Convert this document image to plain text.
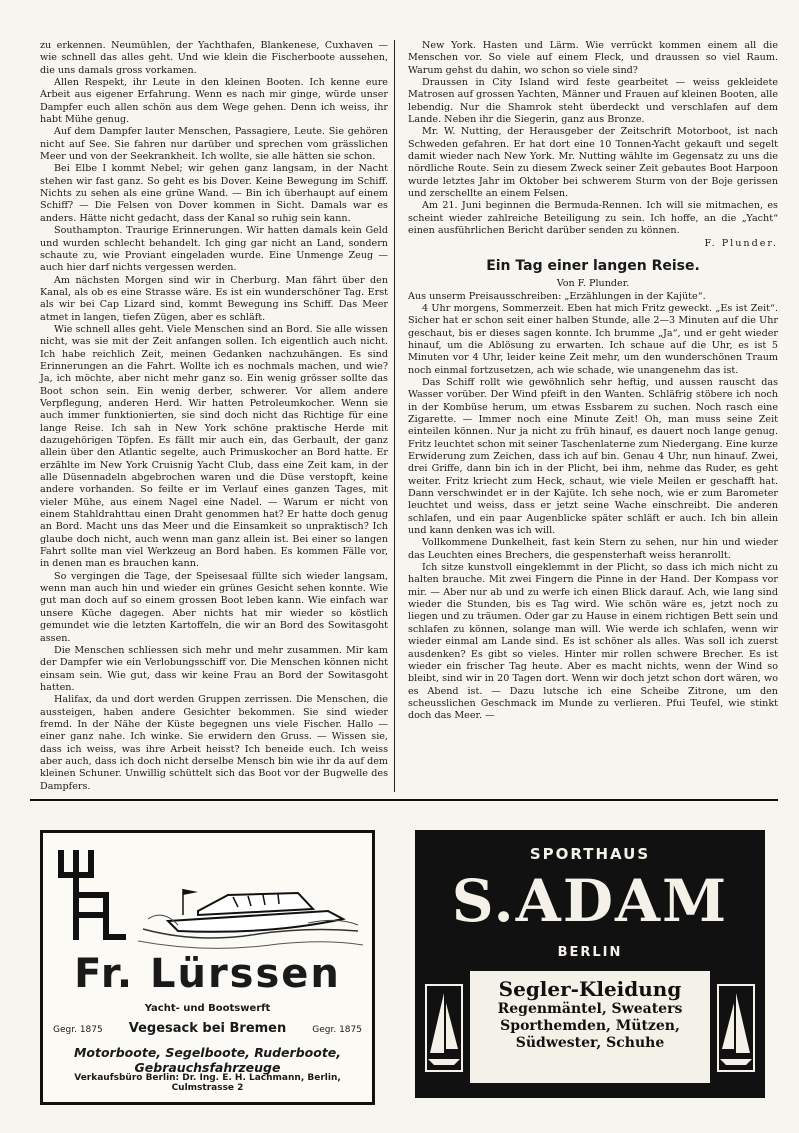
zu erkennen. Neumühlen, der Yachthafen, Blankenese, Cuxhaven — wie schnell das alles geht. Und wie klein die Fischerboote aussehen, die uns damals gross vorkamen.

Allen Respekt, ihr Leute in den kleinen Booten. Ich kenne eure Arbeit aus eigener Erfahrung. Wenn es nach mir ginge, würde unser Dampfer euch allen schön aus dem Wege gehen. Denn ich weiss, ihr habt Mühe genug.

Auf dem Dampfer lauter Menschen, Passagiere, Leute. Sie gehören nicht auf See. Sie fahren nur darüber und sprechen vom grässlichen Meer und von der Seekrankheit. Ich wollte, sie alle hätten sie schon.

Bei Elbe I kommt Nebel; wir gehen ganz langsam, in der Nacht stehen wir fast ganz. So geht es bis Dover. Keine Bewegung im Schiff. Nichts zu sehen als eine grüne Wand. — Bin ich überhaupt auf einem Schiff? — Die Felsen von Dover kommen in Sicht. Damals war es anders. Hätte nicht gedacht, dass der Kanal so ruhig sein kann.

Southampton. Traurige Erinnerungen. Wir hatten damals kein Geld und wurden schlecht behandelt. Ich ging gar nicht an Land, sondern schaute zu, wie Proviant eingeladen wurde. Eine Unmenge Zeug — auch hier darf nichts vergessen werden.

Am nächsten Morgen sind wir in Cherburg. Man fährt über den Kanal, als ob es eine Strasse wäre. Es ist ein wunderschöner Tag. Erst als wir bei Cap Lizard sind, kommt Bewegung ins Schiff. Das Meer atmet in langen, tiefen Zügen, aber es schläft.

Wie schnell alles geht. Viele Menschen sind an Bord. Sie alle wissen nicht, was sie mit der Zeit anfangen sollen. Ich eigentlich auch nicht. Ich habe reichlich Zeit, meinen Gedanken nachzuhängen. Es sind Erinnerungen an die Fahrt. Wollte ich es nochmals machen, und wie? Ja, ich möchte, aber nicht mehr ganz so. Ein wenig grösser sollte das Boot schon sein. Ein wenig derber, schwerer. Vor allem andere Verpflegung, anderen Herd. Wir hatten Petroleumkocher. Wenn sie auch immer funktionierten, sie sind doch nicht das Richtige für eine lange Reise. Ich sah in New York schöne praktische Herde mit dazugehörigen Töpfen. Es fällt mir auch ein, das Gerbault, der ganz allein über den Atlantic segelte, auch Primuskocher an Bord hatte. Er erzählte im New York Cruisnig Yacht Club, dass eine Zeit kam, in der alle Düsennadeln abgebrochen waren und die Düse verstopft, keine andere vorhanden. So feilte er im Verlauf eines ganzen Tages, mit vieler Mühe, aus einem Nagel eine Nadel. — Warum er nicht von einem Stahldrahttau einen Draht genommen hat? Er hatte doch genug an Bord. Macht uns das Meer und die Einsamkeit so unpraktisch? Ich glaube doch nicht, auch wenn man ganz allein ist. Bei einer so langen Fahrt sollte man viel Werkzeug an Bord haben. Es kommen Fälle vor, in denen man es brauchen kann.

So vergingen die Tage, der Speisesaal füllte sich wieder langsam, wenn man auch hin und wieder ein grünes Gesicht sehen konnte. Wie gut man doch auf so einem grossen Boot leben kann. Wie einfach war unsere Küche dagegen. Aber nichts hat mir wieder so köstlich gemundet wie die letzten Kartoffeln, die wir an Bord des Sowitasgoht assen.

Die Menschen schliessen sich mehr und mehr zusammen. Mir kam der Dampfer wie ein Verlobungsschiff vor. Die Menschen können nicht einsam sein. Wie gut, dass wir keine Frau an Bord der Sowitasgoht hatten.

Halifax, da und dort werden Gruppen zerrissen. Die Menschen, die aussteigen, haben andere Gesichter bekommen. Sie sind wieder fremd. In der Nähe der Küste begegnen uns viele Fischer. Hallo — einer ganz nahe. Ich winke. Sie erwidern den Gruss. — Wissen sie, dass ich weiss, was ihre Arbeit heisst? Ich beneide euch. Ich weiss aber auch, dass ich doch nicht derselbe Mensch bin wie ihr da auf dem kleinen Schuner. Unwillig schüttelt sich das Boot vor der Bugwelle des Dampfers.

New York. Hasten und Lärm. Wie verrückt kommen einem all die Menschen vor. So viele auf einem Fleck, und draussen so viel Raum. Warum gehst du dahin, wo schon so viele sind?

Draussen in City Island wird feste gearbeitet — weiss gekleidete Matrosen auf grossen Yachten, Männer und Frauen auf kleinen Booten, alle lebendig. Nur die Shamrok steht überdeckt und verschlafen auf dem Lande. Neben ihr die Siegerin, ganz aus Bronze.

Mr. W. Nutting, der Herausgeber der Zeitschrift Motorboot, ist nach Schweden gefahren. Er hat dort eine 10 Tonnen-Yacht gekauft und segelt damit wieder nach New York. Mr. Nutting wählte im Gegensatz zu uns die nördliche Route. Sein zu diesem Zweck seiner Zeit gebautes Boot Harpoon wurde letztes Jahr im Oktober bei schwerem Sturm von der Boje gerissen und zerschellte an einem Felsen.

Am 21. Juni beginnen die Bermuda-Rennen. Ich will sie mitmachen, es scheint wieder zahlreiche Beteiligung zu sein. Ich hoffe, an die „Yacht“ einen ausführlichen Bericht darüber senden zu können.

F. Plunder.

Ein Tag einer langen Reise.

Von F. Plunder.

Aus unserm Preisausschreiben: „Erzählungen in der Kajüte“.

4 Uhr morgens, Sommerzeit. Eben hat mich Fritz geweckt. „Es ist Zeit“. Sicher hat er schon seit einer halben Stunde, alle 2—3 Minuten auf die Uhr geschaut, bis er dieses sagen konnte. Ich brumme „Ja“, und er geht wieder hinauf, um die Ablösung zu erwarten. Ich schaue auf die Uhr, es ist 5 Minuten vor 4 Uhr, leider keine Zeit mehr, um den wunderschönen Traum noch einmal fortzusetzen, ach wie schade, wie unangenehm das ist.

Das Schiff rollt wie gewöhnlich sehr heftig, und aussen rauscht das Wasser vorüber. Der Wind pfeift in den Wanten. Schläfrig stöbere ich noch in der Kombüse herum, um etwas Essbarem zu suchen. Noch rasch eine Zigarette. — Immer noch eine Minute Zeit! Oh, man muss seine Zeit einteilen können. Nur ja nicht zu früh hinauf, es dauert noch lange genug. Fritz leuchtet schon mit seiner Taschenlaterne zum Niedergang. Eine kurze Erwiderung zum Zeichen, dass ich auf bin. Genau 4 Uhr, nun hinauf. Zwei, drei Griffe, dann bin ich in der Plicht, bei ihm, nehme das Ruder, es geht weiter. Fritz kriecht zum Heck, schaut, wie viele Meilen er geschafft hat. Dann verschwindet er in der Kajüte. Ich sehe noch, wie er zum Barometer leuchtet und weiss, dass er jetzt seine Wache einschreibt. Die anderen schlafen, und ein paar Augenblicke später schläft er auch. Ich bin allein und kann denken was ich will.

Vollkommene Dunkelheit, fast kein Stern zu sehen, nur hin und wieder das Leuchten eines Brechers, die gespensterhaft weiss heranrollt.

Ich sitze kunstvoll eingeklemmt in der Plicht, so dass ich mich nicht zu halten brauche. Mit zwei Fingern die Pinne in der Hand. Der Kompass vor mir. — Aber nur ab und zu werfe ich einen Blick darauf. Ach, wie lang sind wieder die Stunden, bis es Tag wird. Wie schön wäre es, jetzt noch zu liegen und zu träumen. Oder gar zu Hause in einem richtigen Bett sein und schlafen zu können, solange man will. Wie werde ich schlafen, wenn wir wieder einmal am Lande sind. Es ist schöner als alles. Was soll ich zuerst ausdenken? Es gibt so vieles. Hinter mir rollen schwere Brecher. Es ist wieder ein frischer Tag heute. Aber es macht nichts, wenn der Wind so bleibt, sind wir in 20 Tagen dort. Wenn wir doch jetzt schon dort wären, wo es Abend ist. — Dazu lutsche ich eine Scheibe Zitrone, um den scheusslichen Geschmack im Munde zu verlieren. Pfui Teufel, wie stinkt doch das Meer. —

Fr. Lürssen
Yacht- und Bootswerft
Gegr. 1875 Vegesack bei Bremen	Gegr. 1875
Motorboote, Segelboote, Ruderboote, Gebrauchsfahrzeuge
Verkaufsbüro Berlin: Dr. Ing. E. H. Lachmann, Berlin, Culmstrasse 2
SPORTHAUS
S.ADAM
BERLIN
Segler-Kleidung
Regenmäntel, Sweaters
Sporthemden, Mützen,
Südwester, Schuhe
